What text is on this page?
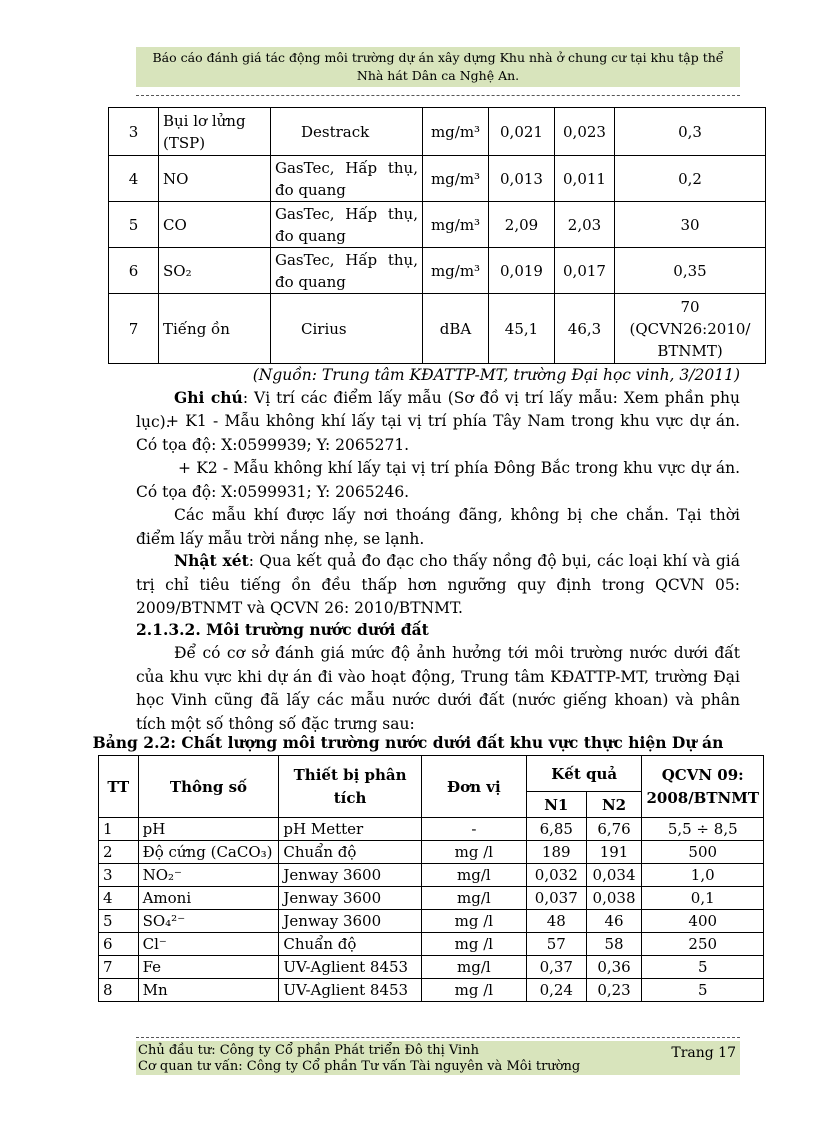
Báo cáo đánh giá tác động môi trường dự án xây dựng Khu nhà ở chung cư tại khu tập thể
Nhà hát Dân ca Nghệ An.
3	Bụi lơ lửng (TSP)	Destrack	mg/m³	0,021	0,023	0,3
4	NO	GasTec, Hấp thụ, đo quang	mg/m³	0,013	0,011	0,2
5	CO	GasTec, Hấp thụ, đo quang	mg/m³	2,09	2,03	30
6	SO₂	GasTec, Hấp thụ, đo quang	mg/m³	0,019	0,017	0,35
7	Tiếng ồn	Cirius	dBA	45,1	46,3	70 (QCVN26:2010/ BTNMT)
(Nguồn: Trung tâm KĐATTP-MT, trường Đại học vinh, 3/2011)
Ghi chú: Vị trí các điểm lấy mẫu (Sơ đồ vị trí lấy mẫu: Xem phần phụ lục).
+ K1 - Mẫu không khí lấy tại vị trí phía Tây Nam trong khu vực dự án. Có tọa độ: X:0599939; Y: 2065271.
+ K2 - Mẫu không khí lấy tại vị trí phía Đông Bắc trong khu vực dự án. Có tọa độ: X:0599931; Y: 2065246.
Các mẫu khí được lấy nơi thoáng đãng, không bị che chắn. Tại thời điểm lấy mẫu trời nắng nhẹ, se lạnh.
Nhật xét: Qua kết quả đo đạc cho thấy nồng độ bụi, các loại khí và giá trị chỉ tiêu tiếng ồn đều thấp hơn ngưỡng quy định trong QCVN 05: 2009/BTNMT và QCVN 26: 2010/BTNMT.
2.1.3.2. Môi trường nước dưới đất
Để có cơ sở đánh giá mức độ ảnh hưởng tới môi trường nước dưới đất của khu vực khi dự án đi vào hoạt động, Trung tâm KĐATTP-MT, trường Đại học Vinh cũng đã lấy các mẫu nước dưới đất (nước giếng khoan) và phân tích một số thông số đặc trưng sau:
Bảng 2.2: Chất lượng môi trường nước dưới đất khu vực thực hiện Dự án
TT	Thông số	Thiết bị phân tích	Đơn vị	Kết quả		QCVN 09: 2008/BTNMT
				N1	N2	
1	pH	pH Metter	-	6,85	6,76	5,5 ÷ 8,5
2	Độ cứng (CaCO₃)	Chuẩn độ	mg /l	189	191	500
3	NO₂⁻	Jenway 3600	mg/l	0,032	0,034	1,0
4	Amoni	Jenway 3600	mg/l	0,037	0,038	0,1
5	SO₄²⁻	Jenway 3600	mg /l	48	46	400
6	Cl⁻	Chuẩn độ	mg /l	57	58	250
7	Fe	UV-Aglient 8453	mg/l	0,37	0,36	5
8	Mn	UV-Aglient 8453	mg /l	0,24	0,23	5
Chủ đầu tư: Công ty Cổ phần Phát triển Đô thị Vinh
Cơ quan tư vấn: Công ty Cổ phần Tư vấn Tài nguyên và Môi trường
Trang 17
